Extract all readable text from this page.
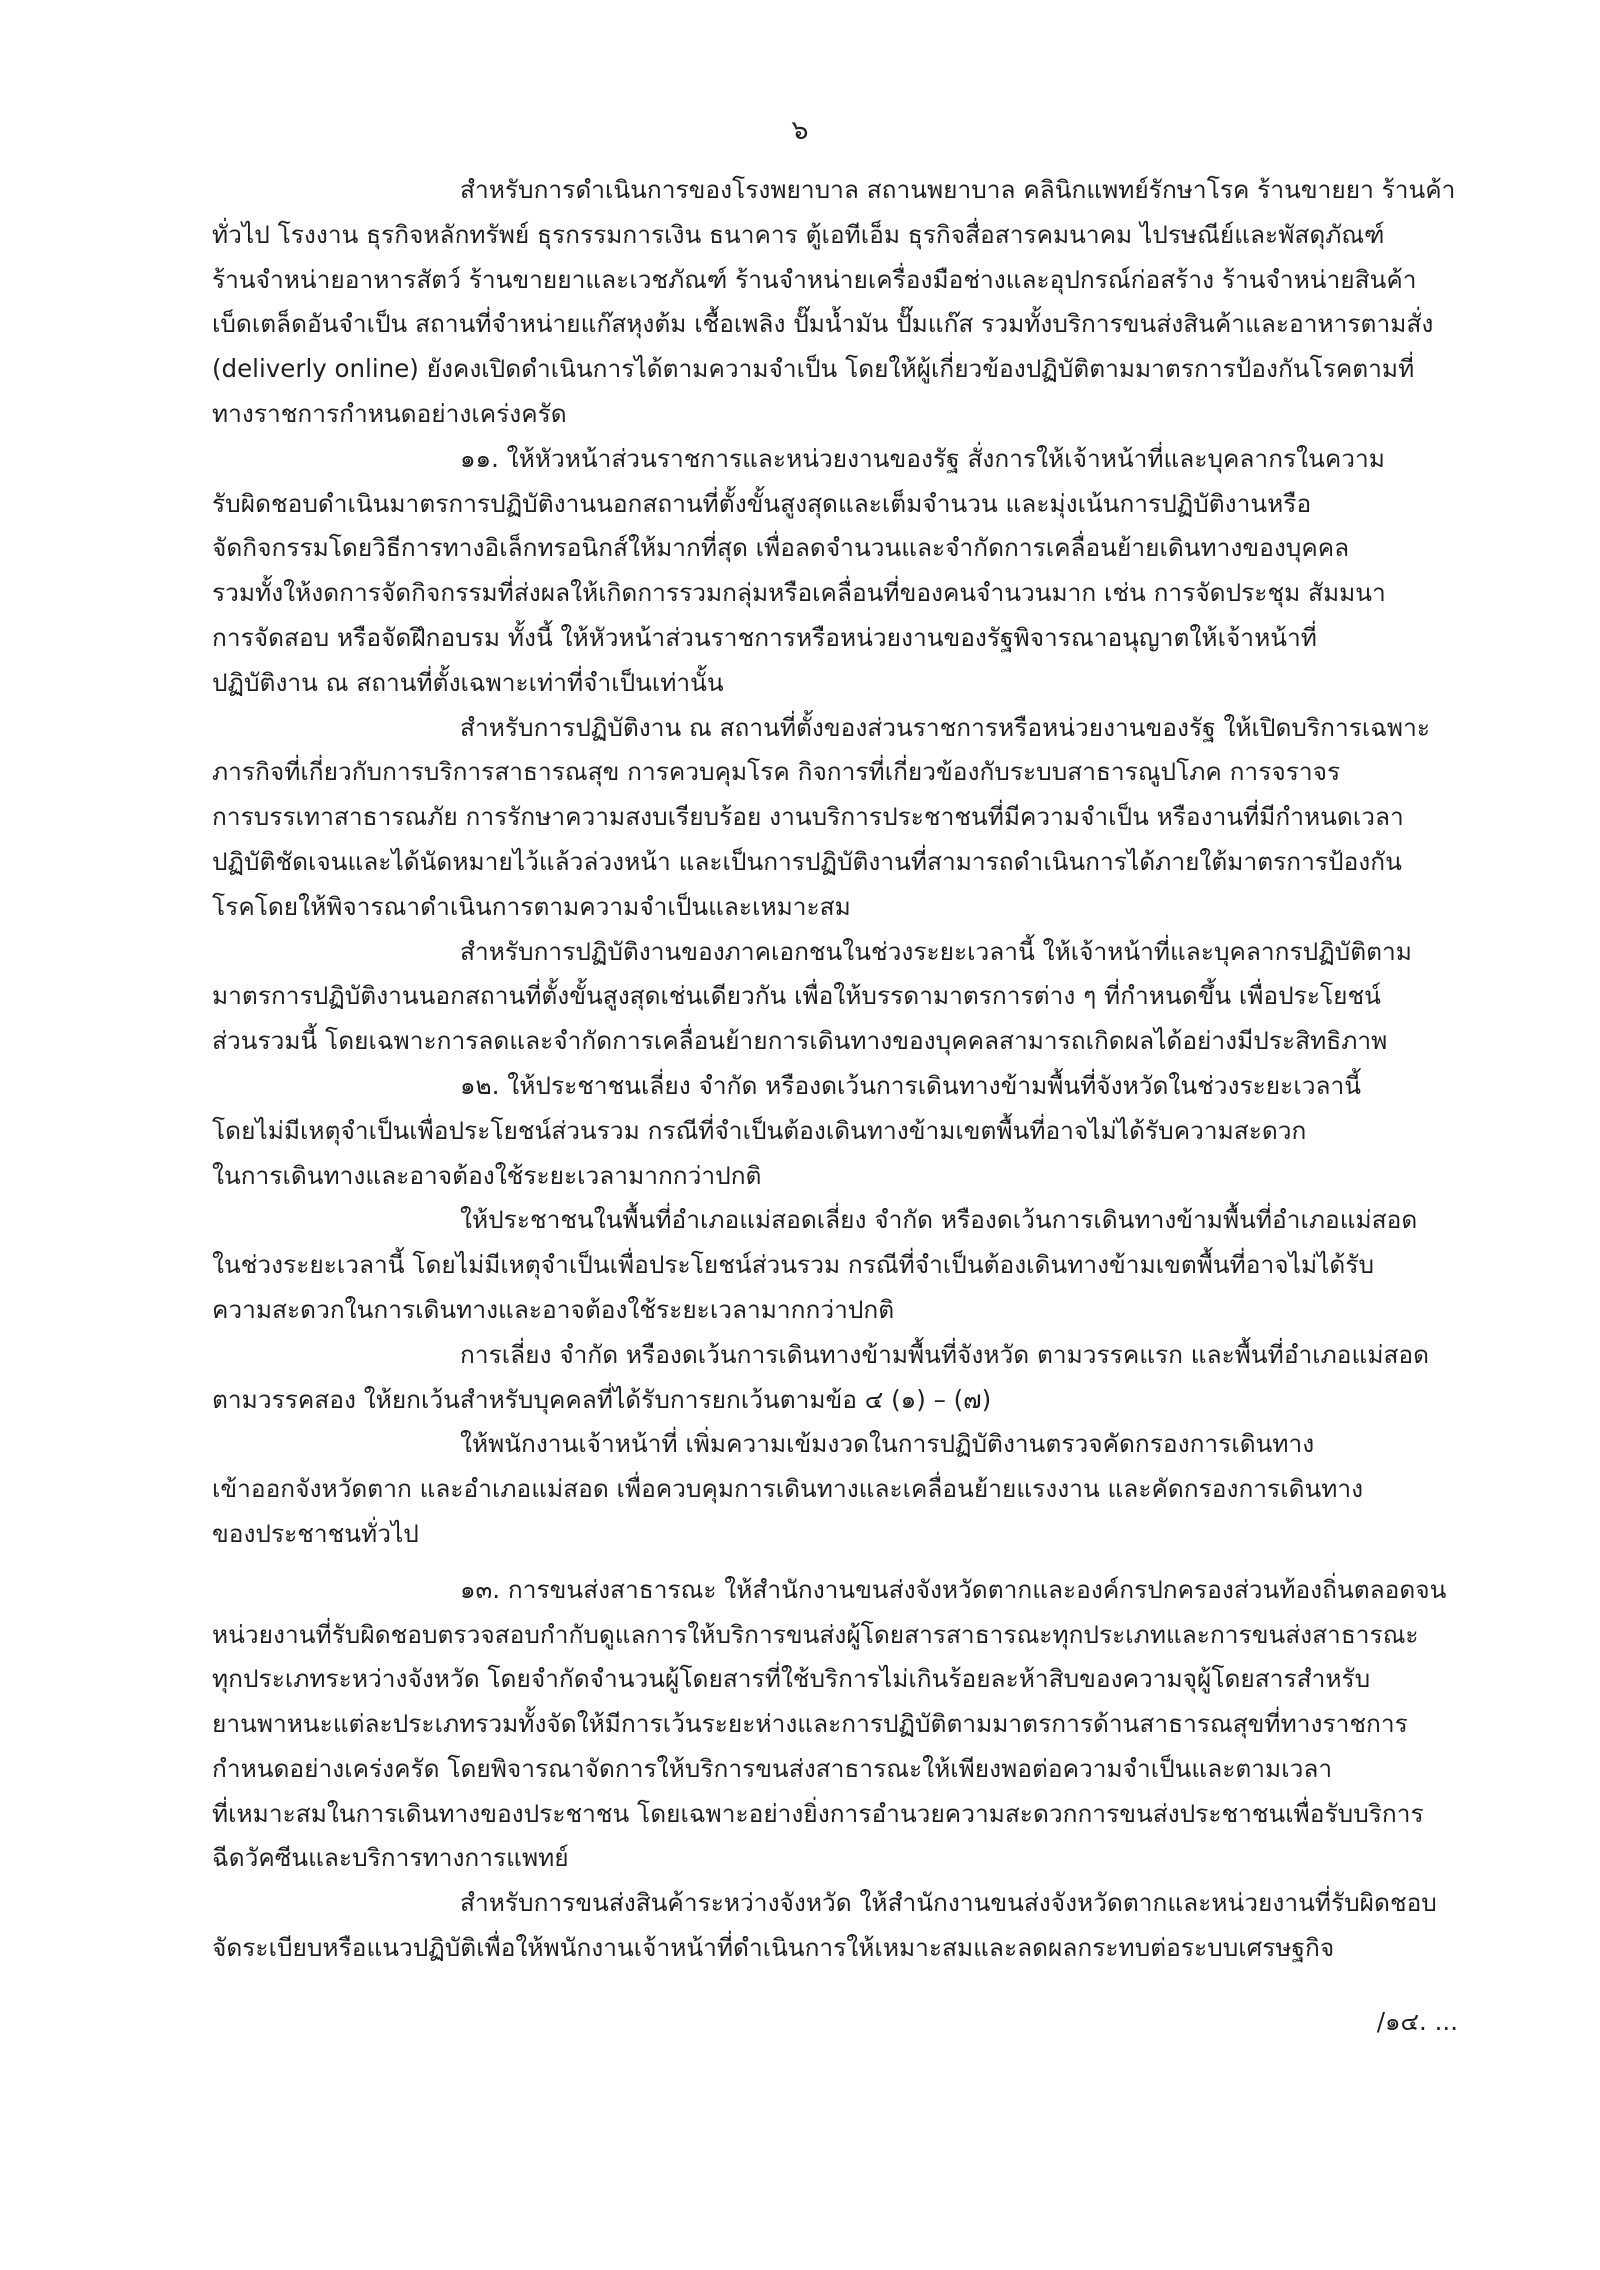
๖
สำหรับการดำเนินการของโรงพยาบาล สถานพยาบาล คลินิกแพทย์รักษาโรค ร้านขายยา ร้านค้า
ทั่วไป โรงงาน ธุรกิจหลักทรัพย์ ธุรกรรมการเงิน ธนาคาร ตู้เอทีเอ็ม ธุรกิจสื่อสารคมนาคม ไปรษณีย์และพัสดุภัณฑ์
ร้านจำหน่ายอาหารสัตว์ ร้านขายยาและเวชภัณฑ์ ร้านจำหน่ายเครื่องมือช่างและอุปกรณ์ก่อสร้าง ร้านจำหน่ายสินค้า
เบ็ดเตล็ดอันจำเป็น สถานที่จำหน่ายแก๊สหุงต้ม เชื้อเพลิง ปั๊มน้ำมัน ปั๊มแก๊ส รวมทั้งบริการขนส่งสินค้าและอาหารตามสั่ง
(deliverly online) ยังคงเปิดดำเนินการได้ตามความจำเป็น โดยให้ผู้เกี่ยวข้องปฏิบัติตามมาตรการป้องกันโรคตามที่
ทางราชการกำหนดอย่างเคร่งครัด
๑๑. ให้หัวหน้าส่วนราชการและหน่วยงานของรัฐ สั่งการให้เจ้าหน้าที่และบุคลากรในความ
รับผิดชอบดำเนินมาตรการปฏิบัติงานนอกสถานที่ตั้งขั้นสูงสุดและเต็มจำนวน และมุ่งเน้นการปฏิบัติงานหรือ
จัดกิจกรรมโดยวิธีการทางอิเล็กทรอนิกส์ให้มากที่สุด เพื่อลดจำนวนและจำกัดการเคลื่อนย้ายเดินทางของบุคคล
รวมทั้งให้งดการจัดกิจกรรมที่ส่งผลให้เกิดการรวมกลุ่มหรือเคลื่อนที่ของคนจำนวนมาก เช่น การจัดประชุม สัมมนา
การจัดสอบ หรือจัดฝึกอบรม ทั้งนี้ ให้หัวหน้าส่วนราชการหรือหน่วยงานของรัฐพิจารณาอนุญาตให้เจ้าหน้าที่
ปฏิบัติงาน ณ สถานที่ตั้งเฉพาะเท่าที่จำเป็นเท่านั้น
สำหรับการปฏิบัติงาน ณ สถานที่ตั้งของส่วนราชการหรือหน่วยงานของรัฐ ให้เปิดบริการเฉพาะ
ภารกิจที่เกี่ยวกับการบริการสาธารณสุข การควบคุมโรค กิจการที่เกี่ยวข้องกับระบบสาธารณูปโภค การจราจร
การบรรเทาสาธารณภัย การรักษาความสงบเรียบร้อย งานบริการประชาชนที่มีความจำเป็น หรืองานที่มีกำหนดเวลา
ปฏิบัติชัดเจนและได้นัดหมายไว้แล้วล่วงหน้า และเป็นการปฏิบัติงานที่สามารถดำเนินการได้ภายใต้มาตรการป้องกัน
โรคโดยให้พิจารณาดำเนินการตามความจำเป็นและเหมาะสม
สำหรับการปฏิบัติงานของภาคเอกชนในช่วงระยะเวลานี้ ให้เจ้าหน้าที่และบุคลากรปฏิบัติตาม
มาตรการปฏิบัติงานนอกสถานที่ตั้งขั้นสูงสุดเช่นเดียวกัน เพื่อให้บรรดามาตรการต่าง ๆ ที่กำหนดขึ้น เพื่อประโยชน์
ส่วนรวมนี้ โดยเฉพาะการลดและจำกัดการเคลื่อนย้ายการเดินทางของบุคคลสามารถเกิดผลได้อย่างมีประสิทธิภาพ
๑๒. ให้ประชาชนเลี่ยง จำกัด หรืองดเว้นการเดินทางข้ามพื้นที่จังหวัดในช่วงระยะเวลานี้
โดยไม่มีเหตุจำเป็นเพื่อประโยชน์ส่วนรวม กรณีที่จำเป็นต้องเดินทางข้ามเขตพื้นที่อาจไม่ได้รับความสะดวก
ในการเดินทางและอาจต้องใช้ระยะเวลามากกว่าปกติ
ให้ประชาชนในพื้นที่อำเภอแม่สอดเลี่ยง จำกัด หรืองดเว้นการเดินทางข้ามพื้นที่อำเภอแม่สอด
ในช่วงระยะเวลานี้ โดยไม่มีเหตุจำเป็นเพื่อประโยชน์ส่วนรวม กรณีที่จำเป็นต้องเดินทางข้ามเขตพื้นที่อาจไม่ได้รับ
ความสะดวกในการเดินทางและอาจต้องใช้ระยะเวลามากกว่าปกติ
การเลี่ยง จำกัด หรืองดเว้นการเดินทางข้ามพื้นที่จังหวัด ตามวรรคแรก และพื้นที่อำเภอแม่สอด
ตามวรรคสอง ให้ยกเว้นสำหรับบุคคลที่ได้รับการยกเว้นตามข้อ ๔ (๑) – (๗)
ให้พนักงานเจ้าหน้าที่ เพิ่มความเข้มงวดในการปฏิบัติงานตรวจคัดกรองการเดินทาง
เข้าออกจังหวัดตาก และอำเภอแม่สอด เพื่อควบคุมการเดินทางและเคลื่อนย้ายแรงงาน และคัดกรองการเดินทาง
ของประชาชนทั่วไป
๑๓. การขนส่งสาธารณะ ให้สำนักงานขนส่งจังหวัดตากและองค์กรปกครองส่วนท้องถิ่นตลอดจน
หน่วยงานที่รับผิดชอบตรวจสอบกำกับดูแลการให้บริการขนส่งผู้โดยสารสาธารณะทุกประเภทและการขนส่งสาธารณะ
ทุกประเภทระหว่างจังหวัด โดยจำกัดจำนวนผู้โดยสารที่ใช้บริการไม่เกินร้อยละห้าสิบของความจุผู้โดยสารสำหรับ
ยานพาหนะแต่ละประเภทรวมทั้งจัดให้มีการเว้นระยะห่างและการปฏิบัติตามมาตรการด้านสาธารณสุขที่ทางราชการ
กำหนดอย่างเคร่งครัด โดยพิจารณาจัดการให้บริการขนส่งสาธารณะให้เพียงพอต่อความจำเป็นและตามเวลา
ที่เหมาะสมในการเดินทางของประชาชน โดยเฉพาะอย่างยิ่งการอำนวยความสะดวกการขนส่งประชาชนเพื่อรับบริการ
ฉีดวัคซีนและบริการทางการแพทย์
สำหรับการขนส่งสินค้าระหว่างจังหวัด ให้สำนักงานขนส่งจังหวัดตากและหน่วยงานที่รับผิดชอบ
จัดระเบียบหรือแนวปฏิบัติเพื่อให้พนักงานเจ้าหน้าที่ดำเนินการให้เหมาะสมและลดผลกระทบต่อระบบเศรษฐกิจ
/๑๔. ...
